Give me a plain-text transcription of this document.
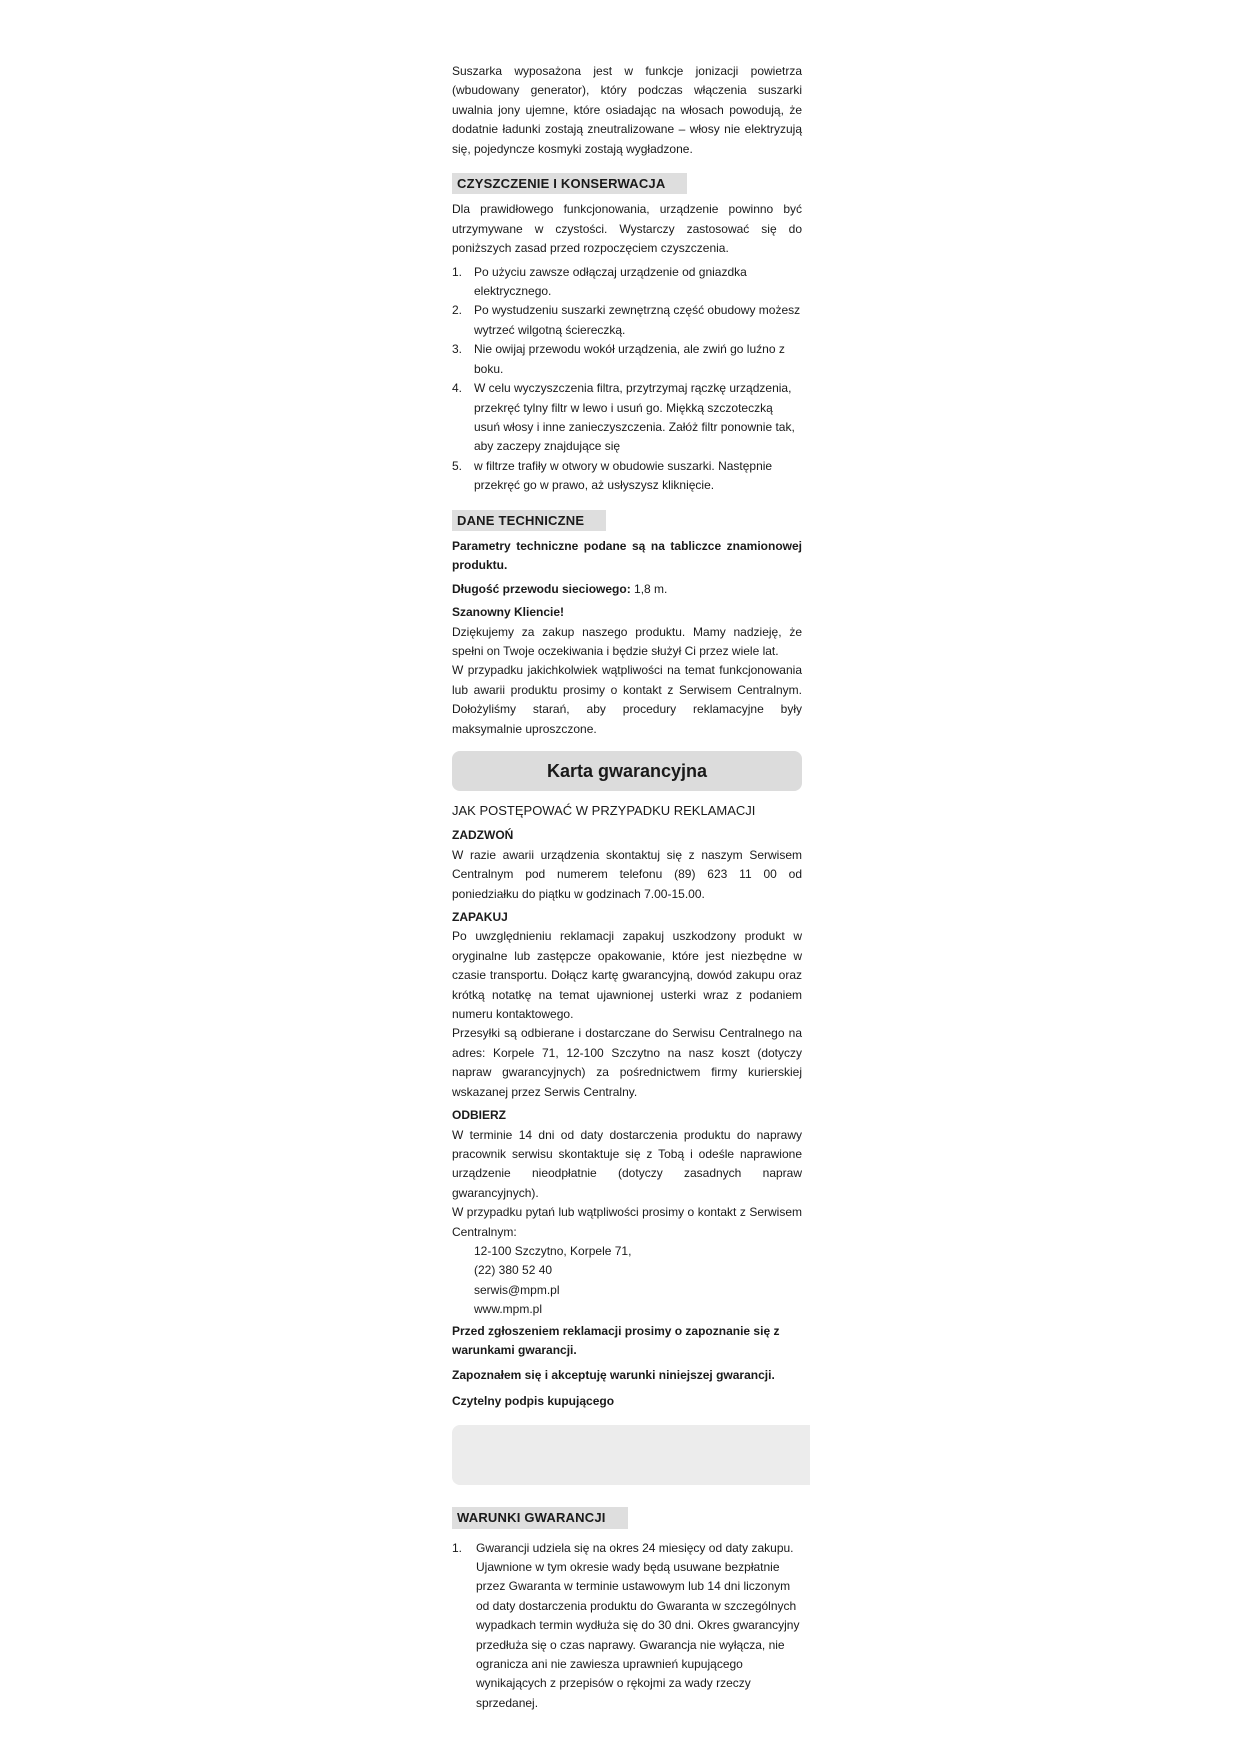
Suszarka wyposażona jest w funkcje jonizacji powietrza (wbudowany generator), który podczas włączenia suszarki uwalnia jony ujemne, które osiadając na włosach powodują, że dodatnie ładunki zostają zneutralizowane – włosy nie elektryzują się, pojedyncze kosmyki zostają wygładzone.

CZYSZCZENIE I KONSERWACJA

Dla prawidłowego funkcjonowania, urządzenie powinno być utrzymywane w czystości. Wystarczy zastosować się do poniższych zasad przed rozpoczęciem czyszczenia.

1. Po użyciu zawsze odłączaj urządzenie od gniazdka elektrycznego.
2. Po wystudzeniu suszarki zewnętrzną część obudowy możesz wytrzeć wilgotną ściereczką.
3. Nie owijaj przewodu wokół urządzenia, ale zwiń go luźno z boku.
4. W celu wyczyszczenia filtra, przytrzymaj rączkę urządzenia, przekręć tylny filtr w lewo i usuń go. Miękką szczoteczką usuń włosy i inne zanieczyszczenia. Załóż filtr ponownie tak, aby zaczepy znajdujące się
5. w filtrze trafiły w otwory w obudowie suszarki. Następnie przekręć go w prawo, aż usłyszysz kliknięcie.
DANE TECHNICZNE

Parametry techniczne podane są na tabliczce znamionowej produktu.

Długość przewodu sieciowego: 1,8 m.

Szanowny Kliencie!

Dziękujemy za zakup naszego produktu. Mamy nadzieję, że spełni on Twoje oczekiwania i będzie służył Ci przez wiele lat.

W przypadku jakichkolwiek wątpliwości na temat funkcjonowania lub awarii produktu prosimy o kontakt z Serwisem Centralnym. Dołożyliśmy starań, aby procedury reklamacyjne były maksymalnie uproszczone.

Karta gwarancyjna
JAK POSTĘPOWAĆ W PRZYPADKU REKLAMACJI
ZADZWOŃ

W razie awarii urządzenia skontaktuj się z naszym Serwisem Centralnym pod numerem telefonu (89) 623 11 00 od poniedziałku do piątku w godzinach 7.00-15.00.

ZAPAKUJ

Po uwzględnieniu reklamacji zapakuj uszkodzony produkt w oryginalne lub zastępcze opakowanie, które jest niezbędne w czasie transportu. Dołącz kartę gwarancyjną, dowód zakupu oraz krótką notatkę na temat ujawnionej usterki wraz z podaniem numeru kontaktowego.

Przesyłki są odbierane i dostarczane do Serwisu Centralnego na adres: Korpele 71, 12-100 Szczytno na nasz koszt (dotyczy napraw gwarancyjnych) za pośrednictwem firmy kurierskiej wskazanej przez Serwis Centralny.

ODBIERZ

W terminie 14 dni od daty dostarczenia produktu do naprawy pracownik serwisu skontaktuje się z Tobą i odeśle naprawione urządzenie nieodpłatnie (dotyczy zasadnych napraw gwarancyjnych).

W przypadku pytań lub wątpliwości prosimy o kontakt z Serwisem Centralnym:

12-100 Szczytno, Korpele 71,
(22) 380 52 40
serwis@mpm.pl
www.mpm.pl

Przed zgłoszeniem reklamacji prosimy o zapoznanie się z warunkami gwarancji.

Zapoznałem się i akceptuję warunki niniejszej gwarancji.

Czytelny podpis kupującego

WARUNKI GWARANCJI
1. Gwarancji udziela się na okres 24 miesięcy od daty zakupu. Ujawnione w tym okresie wady będą usuwane bezpłatnie przez Gwaranta w terminie ustawowym lub 14 dni liczonym od daty dostarczenia produktu do Gwaranta w szczególnych wypadkach termin wydłuża się do 30 dni. Okres gwarancyjny przedłuża się o czas naprawy. Gwarancja nie wyłącza, nie ogranicza ani nie zawiesza uprawnień kupującego wynikających z przepisów o rękojmi za wady rzeczy sprzedanej.
